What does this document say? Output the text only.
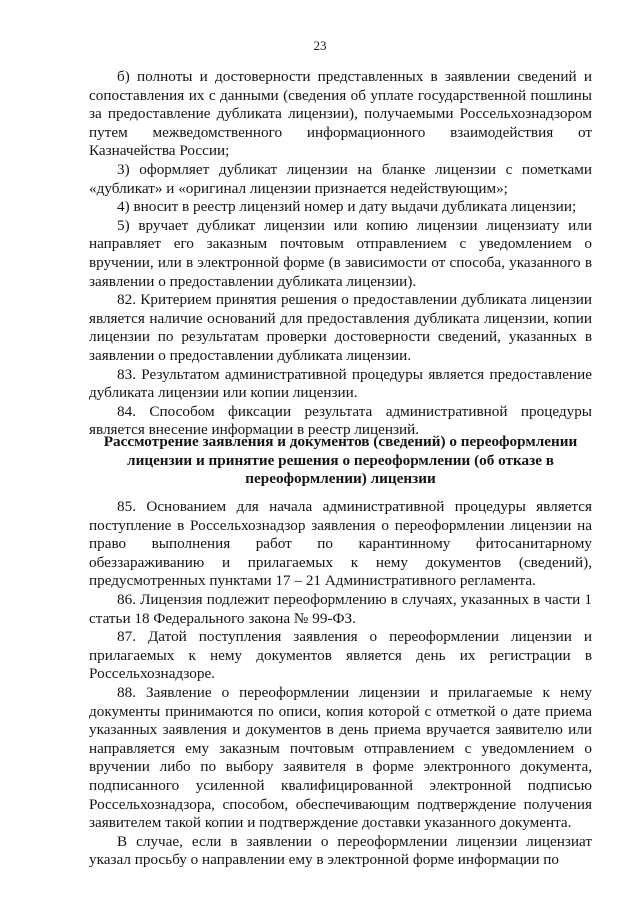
23

б) полноты и достоверности представленных в заявлении сведений и сопоставления их с данными (сведения об уплате государственной пошлины за предоставление дубликата лицензии), получаемыми Россельхознадзором путем межведомственного информационного взаимодействия от Казначейства России;

3) оформляет дубликат лицензии на бланке лицензии с пометками «дубликат» и «оригинал лицензии признается недействующим»;

4) вносит в реестр лицензий номер и дату выдачи дубликата лицензии;

5) вручает дубликат лицензии или копию лицензии лицензиату или направляет его заказным почтовым отправлением с уведомлением о вручении, или в электронной форме (в зависимости от способа, указанного в заявлении о предоставлении дубликата лицензии).

82. Критерием принятия решения о предоставлении дубликата лицензии является наличие оснований для предоставления дубликата лицензии, копии лицензии по результатам проверки достоверности сведений, указанных в заявлении о предоставлении дубликата лицензии.

83. Результатом административной процедуры является предоставление дубликата лицензии или копии лицензии.

84. Способом фиксации результата административной процедуры является внесение информации в реестр лицензий.

Рассмотрение заявления и документов (сведений) о переоформлении
лицензии и принятие решения о переоформлении (об отказе в
переоформлении) лицензии

85. Основанием для начала административной процедуры является поступление в Россельхознадзор заявления о переоформлении лицензии на право выполнения работ по карантинному фитосанитарному обеззараживанию и прилагаемых к нему документов (сведений), предусмотренных пунктами 17 – 21 Административного регламента.

86. Лицензия подлежит переоформлению в случаях, указанных в части 1 статьи 18 Федерального закона № 99-ФЗ.

87. Датой поступления заявления о переоформлении лицензии и прилагаемых к нему документов является день их регистрации в Россельхознадзоре.

88. Заявление о переоформлении лицензии и прилагаемые к нему документы принимаются по описи, копия которой с отметкой о дате приема указанных заявления и документов в день приема вручается заявителю или направляется ему заказным почтовым отправлением с уведомлением о вручении либо по выбору заявителя в форме электронного документа, подписанного усиленной квалифицированной электронной подписью Россельхознадзора, способом, обеспечивающим подтверждение получения заявителем такой копии и подтверждение доставки указанного документа.

В случае, если в заявлении о переоформлении лицензии лицензиат указал просьбу о направлении ему в электронной форме информации по
